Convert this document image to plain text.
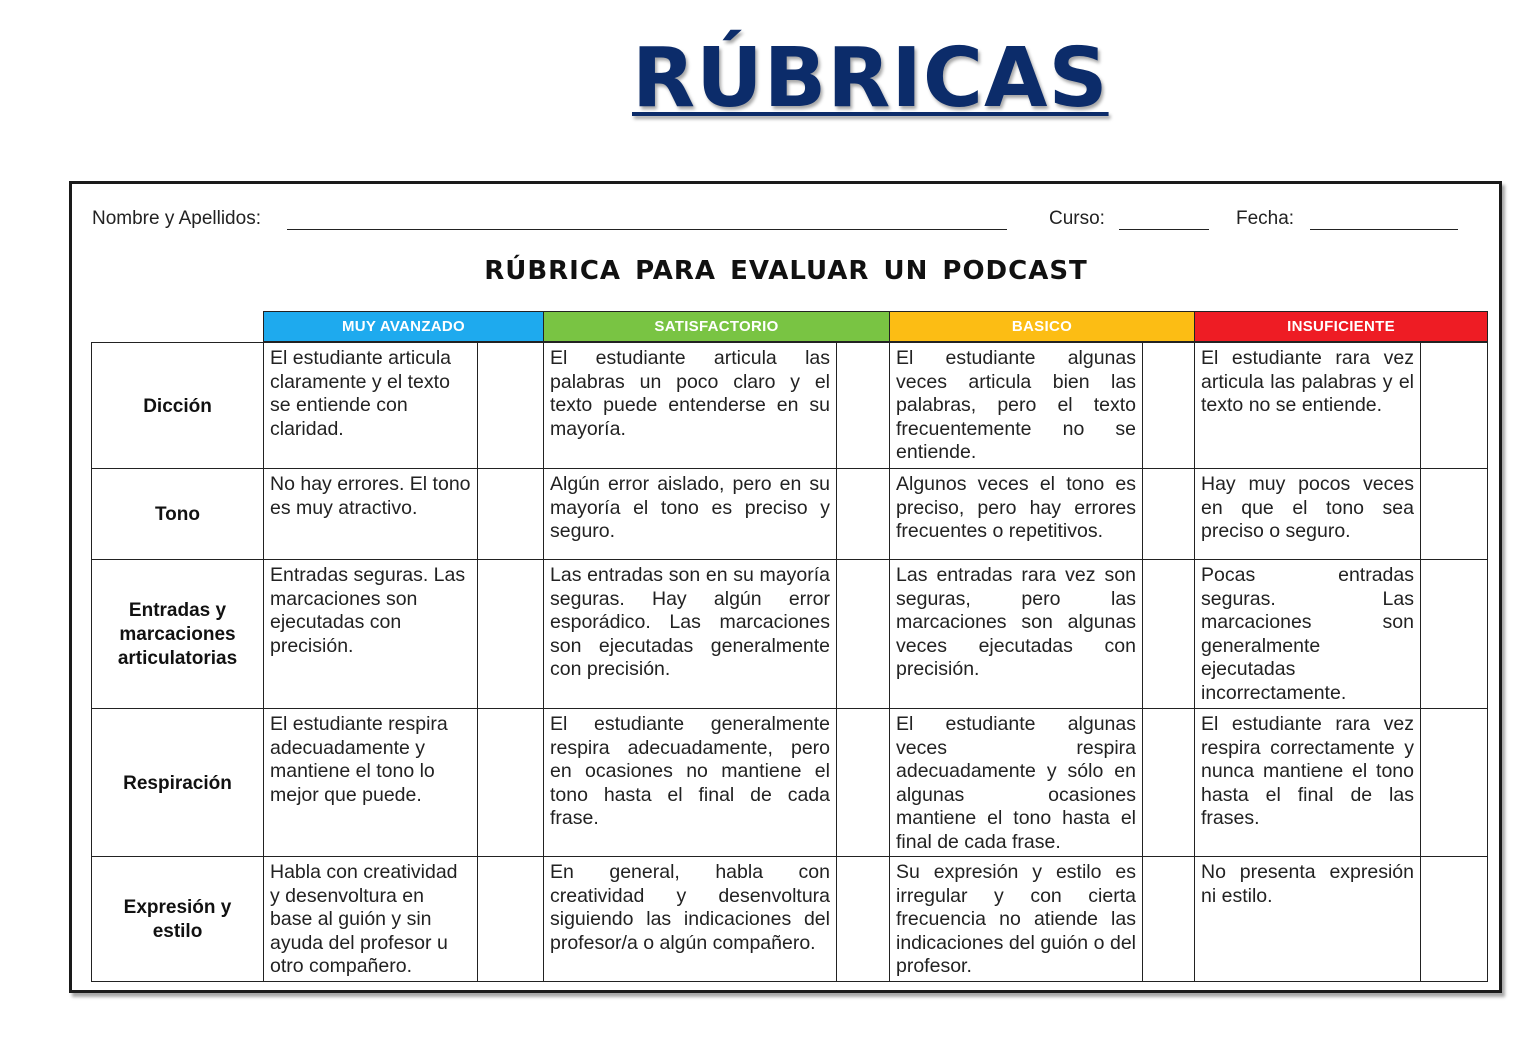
RÚBRICAS
Nombre y Apellidos:	Curso:	Fecha:
RÚBRICA PARA EVALUAR UN PODCAST
MUY AVANZADO	SATISFACTORIO	BASICO	INSUFICIENTE
Dicción	El estudiante articula claramente y el texto se entiende con claridad.		El estudiante articula las palabras un poco claro y el texto puede entenderse en su mayoría.		El estudiante algunas veces articula bien las palabras, pero el texto frecuentemente no se entiende.		El estudiante rara vez articula las palabras y el texto no se entiende.	
Tono	No hay errores. El tono es muy atractivo.		Algún error aislado, pero en su mayoría el tono es preciso y seguro.		Algunos veces el tono es preciso, pero hay errores frecuentes o repetitivos.		Hay muy pocos veces en que el tono sea preciso o seguro.	
Entradas y marcaciones articulatorias	Entradas seguras. Las marcaciones son ejecutadas con precisión.		Las entradas son en su mayoría seguras. Hay algún error esporádico. Las marcaciones son ejecutadas generalmente con precisión.		Las entradas rara vez son seguras, pero las marcaciones son algunas veces ejecutadas con precisión.		Pocas entradas seguras. Las marcaciones son generalmente ejecutadas incorrectamente.	
Respiración	El estudiante respira adecuadamente y mantiene el tono lo mejor que puede.		El estudiante generalmente respira adecuadamente, pero en ocasiones no mantiene el tono hasta el final de cada frase.		El estudiante algunas veces respira adecuadamente y sólo en algunas ocasiones mantiene el tono hasta el final de cada frase.		El estudiante rara vez respira correctamente y nunca mantiene el tono hasta el final de las frases.	
Expresión y estilo	Habla con creatividad y desenvoltura en base al guión y sin ayuda del profesor u otro compañero.		En general, habla con creatividad y desenvoltura siguiendo las indicaciones del profesor/a o algún compañero.		Su expresión y estilo es irregular y con cierta frecuencia no atiende las indicaciones del guión o del profesor.		No presenta expresión ni estilo.	
